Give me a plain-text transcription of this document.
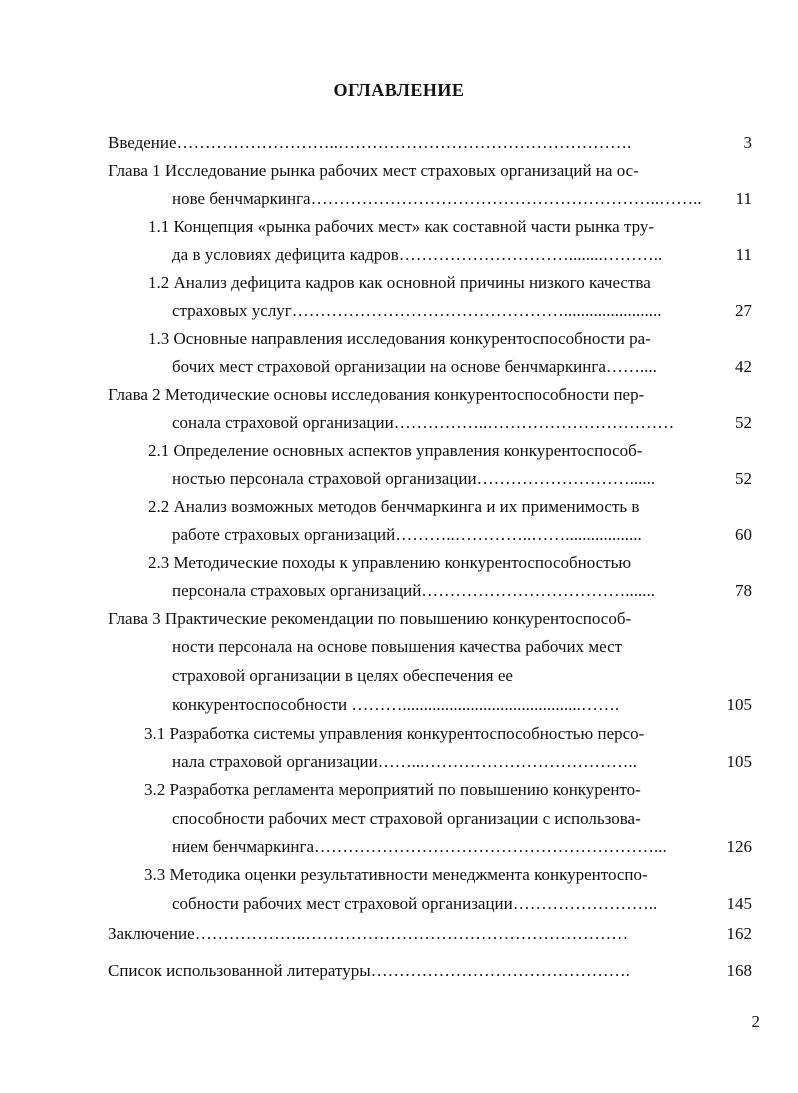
ОГЛАВЛЕНИЕ
Введение………………………..…………………………………………….	3
Глава 1 Исследование рынка рабочих мест страховых организаций на ос-
нове бенчмаркинга……………………………………………………..……..	11
1.1 Концепция «рынка рабочих мест» как составной части рынка тру-
да в условиях дефицита кадров…………………………........………..	11
1.2 Анализ дефицита кадров как основной причины низкого качества
страховых услуг………………………………………….......................	27
1.3 Основные направления исследования конкурентоспособности ра-
бочих мест страховой организации на основе бенчмаркинга……....	42
Глава 2 Методические основы исследования конкурентоспособности пер-
сонала страховой организации……………..……………………………	52
2.1 Определение основных аспектов управления конкурентоспособ-
ностью персонала страховой организации………………………......	52
2.2 Анализ возможных методов бенчмаркинга и их применимость в
работе страховых организаций………..…………..……..................	60
2.3 Методические походы к управлению конкурентоспособностью
персонала страховых организаций……………………………….......	78
Глава 3 Практические рекомендации по повышению конкурентоспособ-
ности персонала на основе повышения качества рабочих мест
страховой организации в целях обеспечения ее
конкурентоспособности ………..........................................…….	105
3.1 Разработка системы управления конкурентоспособностью персо-
нала страховой организации……...………………………………..	105
3.2 Разработка регламента мероприятий по повышению конкуренто-
способности рабочих мест страховой организации с использова-
нием бенчмаркинга……………………………………………………...	126
3.3 Методика оценки результативности менеджмента конкурентоспо-
собности рабочих мест страховой организации……………………..	145
Заключение………………..…………………………………………………	162
Список использованной литературы……………………………………….	168
2
